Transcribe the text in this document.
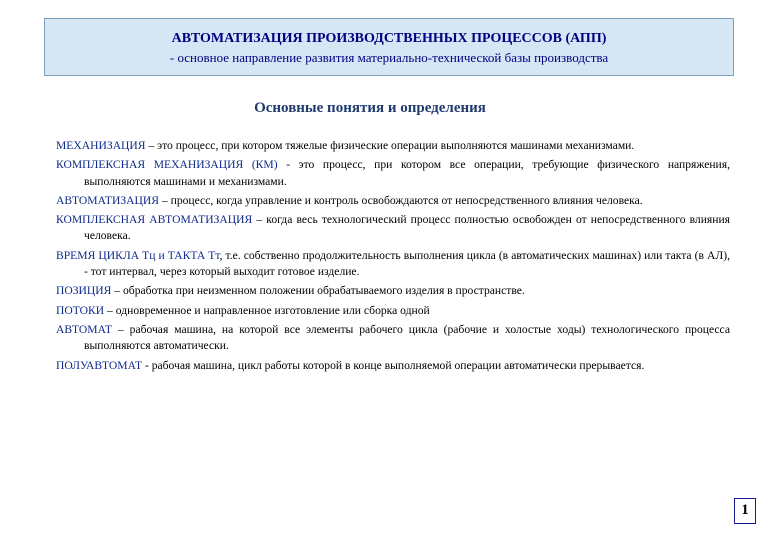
АВТОМАТИЗАЦИЯ ПРОИЗВОДСТВЕННЫХ ПРОЦЕССОВ (АПП)
- основное направление развития материально-технической базы производства
Основные понятия и определения
МЕХАНИЗАЦИЯ – это процесс, при котором тяжелые физические операции выполняются машинами механизмами.
КОМПЛЕКСНАЯ МЕХАНИЗАЦИЯ (КМ) - это процесс, при котором все операции, требующие физического напряжения, выполняются машинами и механизмами.
АВТОМАТИЗАЦИЯ – процесс, когда управление и контроль освобождаются от непосредственного влияния человека.
КОМПЛЕКСНАЯ АВТОМАТИЗАЦИЯ – когда весь технологический процесс полностью освобожден от непосредственного влияния человека.
ВРЕМЯ ЦИКЛА Тц и ТАКТА Тт, т.е. собственно продолжительность выполнения цикла (в автоматических машинах) или такта (в АЛ), - тот интервал, через который выходит готовое изделие.
ПОЗИЦИЯ – обработка при неизменном положении обрабатываемого изделия в пространстве.
ПОТОКИ – одновременное и направленное изготовление или сборка одной
АВТОМАТ – рабочая машина, на которой все элементы рабочего цикла (рабочие и холостые ходы) технологического процесса выполняются автоматически.
ПОЛУАВТОМАТ - рабочая машина, цикл работы которой в конце выполняемой операции автоматически прерывается.
1
